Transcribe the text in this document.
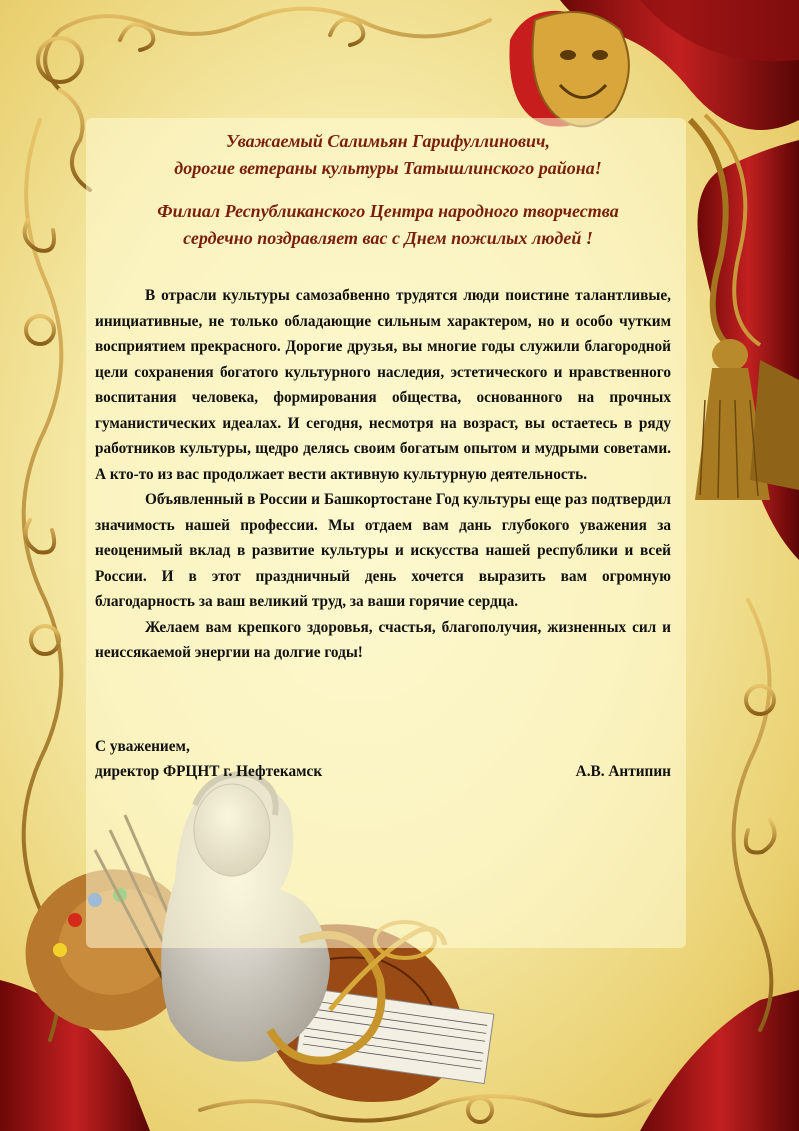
Уважаемый Салимьян Гарифуллинович,

дорогие ветераны культуры Татышлинского района!

Филиал Республиканского Центра народного творчества

сердечно поздравляет вас с Днем пожилых людей !

В отрасли культуры самозабвенно трудятся люди поистине талантливые, инициативные, не только обладающие сильным характером, но и особо чутким восприятием прекрасного. Дорогие друзья, вы многие годы служили благородной цели сохранения богатого культурного наследия, эстетического и нравственного воспитания человека, формирования общества, основанного на прочных гуманистических идеалах. И сегодня, несмотря на возраст, вы остаетесь в ряду работников культуры, щедро делясь своим богатым опытом и мудрыми советами. А кто-то из вас продолжает вести активную культурную деятельность.

Объявленный в России и Башкортостане Год культуры еще раз подтвердил значимость нашей профессии. Мы отдаем вам дань глубокого уважения за неоценимый вклад в развитие культуры и искусства нашей республики и всей России. И в этот праздничный день хочется выразить вам огромную благодарность за ваш великий труд, за ваши горячие сердца.

Желаем вам крепкого здоровья, счастья, благополучия, жизненных сил и неиссякаемой энергии на долгие годы!

С уважением,
директор ФРЦНТ г. Нефтекамск	А.В. Антипин
